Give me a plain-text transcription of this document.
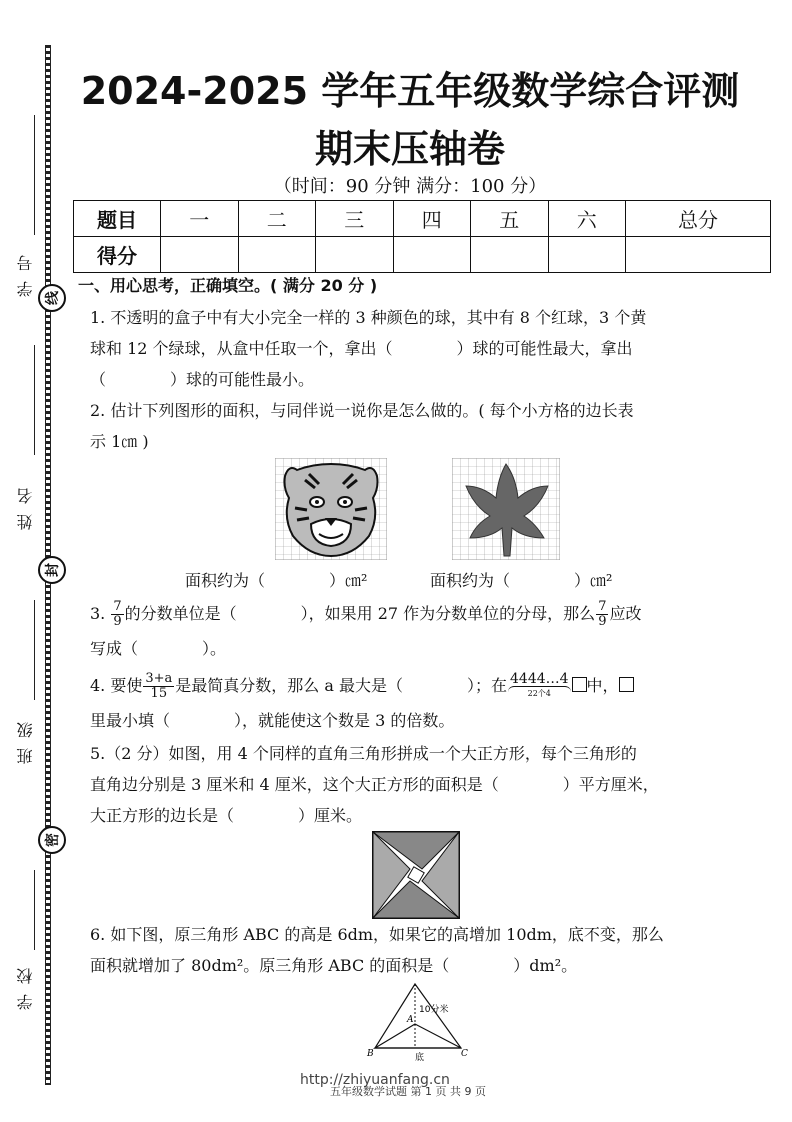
学号
线
姓名
封
班级
密
学校
2024-2025 学年五年级数学综合评测
期末压轴卷
（时间：90 分钟 满分：100 分）
题目	一	二	三	四	五	六	总分
得分							
一、用心思考，正确填空。( 满分 20 分 )
1. 不透明的盒子中有大小完全一样的 3 种颜色的球，其中有 8 个红球，3 个黄
球和 12 个绿球，从盒中任取一个，拿出（　　　　）球的可能性最大，拿出
（　　　　）球的可能性最小。
2. 估计下列图形的面积，与同伴说一说你是怎么做的。( 每个小方格的边长表
示 1㎝ )
面积约为（　　　　）㎝²	面积约为（　　　　）㎝²
3. $\frac{7}{9}$ 的分数单位是（　　　　），如果用 27 作为分数单位的分母，那么 $\frac{7}{9}$ 应改
写成（　　　　）。
4. 要使 $\frac{3+a}{15}$ 是最简真分数，那么 a 最大是（　　　　）；在 $\frac{4444\dots 4}{\text{22个4}}$ 中，
里最小填（　　　　），就能使这个数是 3 的倍数。
5.（2 分）如图，用 4 个同样的直角三角形拼成一个大正方形，每个三角形的
直角边分别是 3 厘米和 4 厘米，这个大正方形的面积是（　　　　）平方厘米，
大正方形的边长是（　　　　）厘米。
6. 如下图，原三角形 ABC 的高是 6dm，如果它的高增加 10dm，底不变，那么
面积就增加了 80dm²。原三角形 ABC 的面积是（　　　　）dm²。
A
B	C
底
10分米
http://zhiyuanfang.cn
五年级数学试题 第 1 页 共 9 页
